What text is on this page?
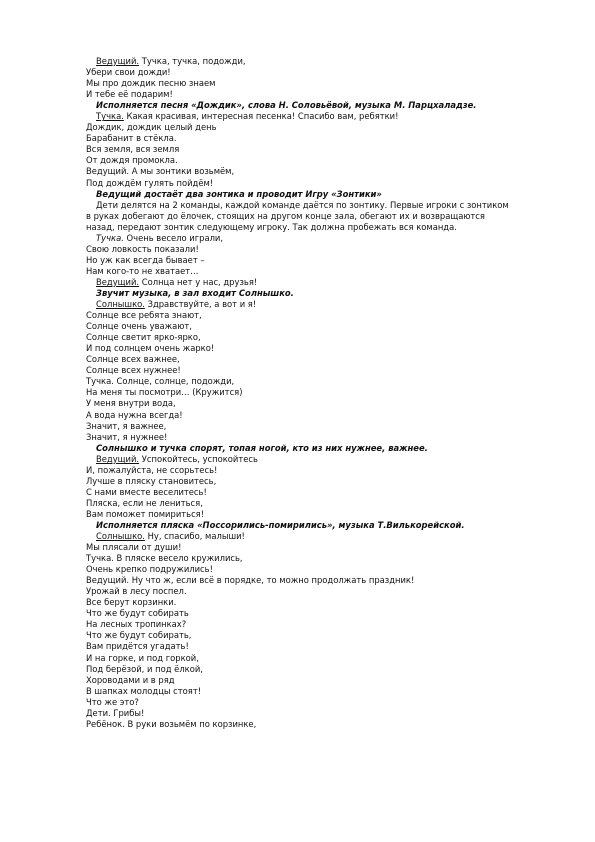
Ведущий. Тучка, тучка, подожди,
Убери свои дожди!
Мы про дождик песню знаем
И тебе её подарим!
Исполняется песня «Дождик», слова Н. Соловьёвой, музыка М. Парцхаладзе.
Тучка. Какая красивая, интересная песенка! Спасибо вам, ребятки!
Дождик, дождик целый день
Барабанит в стёкла.
Вся земля, вся земля
От дождя промокла.
Ведущий. А мы зонтики возьмём,
Под дождём гулять пойдём!
Ведущий достаёт два зонтика и проводит Игру «Зонтики»
Дети делятся на 2 команды, каждой команде даётся по зонтику. Первые игроки с зонтиком в руках добегают до ёлочек, стоящих на другом конце зала, обегают их и возвращаются назад, передают зонтик следующему игроку. Так должна пробежать вся команда.
Тучка. Очень весело играли,
Свою ловкость показали!
Но уж как всегда бывает –
Нам кого-то не хватает…
Ведущий. Солнца нет у нас, друзья!
Звучит музыка, в зал входит Солнышко.
Солнышко. Здравствуйте, а вот и я!
Солнце все ребята знают,
Солнце очень уважают,
Солнце светит ярко-ярко,
И под солнцем очень жарко!
Солнце всех важнее,
Солнце всех нужнее!
Тучка. Солнце, солнце, подожди,
На меня ты посмотри… (Кружится)
У меня внутри вода,
А вода нужна всегда!
Значит, я важнее,
Значит, я нужнее!
Солнышко и тучка спорят, топая ногой, кто из них нужнее, важнее.
Ведущий. Успокойтесь, успокойтесь
И, пожалуйста, не ссорьтесь!
Лучше в пляску становитесь,
С нами вместе веселитесь!
Пляска, если не лениться,
Вам поможет помириться!
Исполняется пляска «Поссорились-помирились», музыка Т.Вилькорейской.
Солнышко. Ну, спасибо, малыши!
Мы плясали от души!
Тучка. В пляске весело кружились,
Очень крепко подружились!
Ведущий. Ну что ж, если всё в порядке, то можно продолжать праздник!
Урожай в лесу поспел.
Все берут корзинки.
Что же будут собирать
На лесных тропинках?
Что же будут собирать,
Вам придётся угадать!
И на горке, и под горкой,
Под берёзой, и под ёлкой,
Хороводами и в ряд
В шапках молодцы стоят!
Что же это?
Дети. Грибы!
Ребёнок. В руки возьмём по корзинке,
